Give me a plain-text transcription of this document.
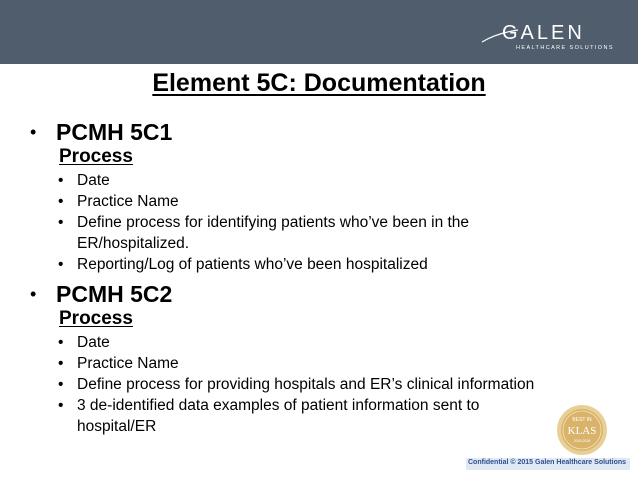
GALEN
HEALTHCARE SOLUTIONS
Element 5C: Documentation
• PCMH 5C1
Process
• Date
• Practice Name
• Define process for identifying patients who’ve been in the ER/hospitalized.
• Reporting/Log of patients who’ve been hospitalized
• PCMH 5C2
Process
• Date
• Practice Name
• Define process for providing hospitals and ER’s clinical information
• 3 de-identified data examples of patient information sent to hospital/ER	BEST IN
KLAS
2015-2016
Confidential © 2015 Galen Healthcare Solutions
